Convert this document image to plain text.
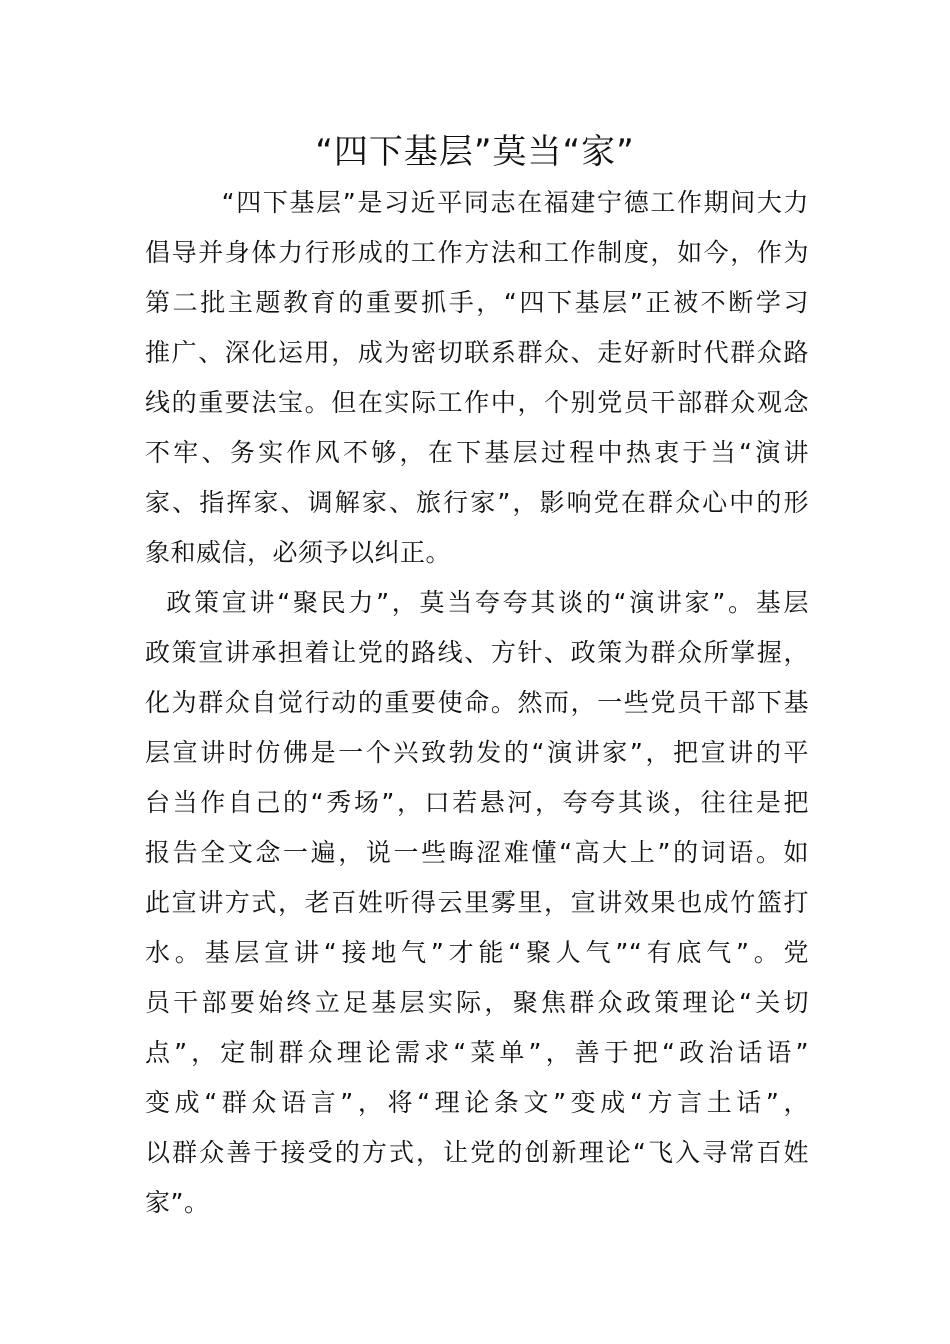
“四下基层”莫当“家”
“四下基层”是习近平同志在福建宁德工作期间大力
倡导并身体力行形成的工作方法和工作制度，如今，作为
第二批主题教育的重要抓手，“四下基层”正被不断学习
推广、深化运用，成为密切联系群众、走好新时代群众路
线的重要法宝。但在实际工作中，个别党员干部群众观念
不牢、务实作风不够，在下基层过程中热衷于当“演讲
家、指挥家、调解家、旅行家”，影响党在群众心中的形
象和威信，必须予以纠正。
政策宣讲“聚民力”，莫当夸夸其谈的“演讲家”。基层
政策宣讲承担着让党的路线、方针、政策为群众所掌握，
化为群众自觉行动的重要使命。然而，一些党员干部下基
层宣讲时仿佛是一个兴致勃发的“演讲家”，把宣讲的平
台当作自己的“秀场”，口若悬河，夸夸其谈，往往是把
报告全文念一遍，说一些晦涩难懂“高大上”的词语。如
此宣讲方式，老百姓听得云里雾里，宣讲效果也成竹篮打
水。基层宣讲“接地气”才能“聚人气”“有底气”。党
员干部要始终立足基层实际，聚焦群众政策理论“关切
点”，定制群众理论需求“菜单”，善于把“政治话语”
变成“群众语言”，将“理论条文”变成“方言土话”，
以群众善于接受的方式，让党的创新理论“飞入寻常百姓
家”。
